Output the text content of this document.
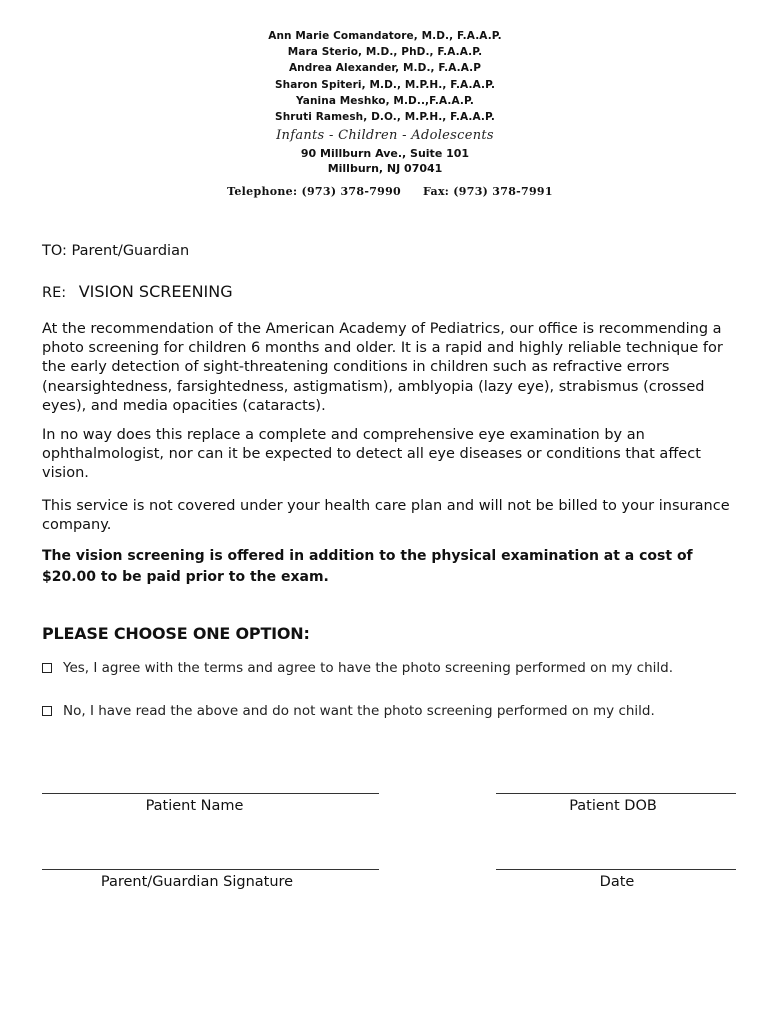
Ann Marie Comandatore, M.D., F.A.A.P.
Mara Sterio, M.D., PhD., F.A.A.P.
Andrea Alexander, M.D., F.A.A.P
Sharon Spiteri, M.D., M.P.H., F.A.A.P.
Yanina Meshko, M.D..,F.A.A.P.
Shruti Ramesh, D.O., M.P.H., F.A.A.P.
Infants - Children - Adolescents
90 Millburn Ave., Suite 101
Millburn, NJ 07041
Telephone: (973) 378-7990 Fax: (973) 378-7991
TO: Parent/Guardian
RE: VISION SCREENING
At the recommendation of the American Academy of Pediatrics, our office is recommending a photo screening for children 6 months and older. It is a rapid and highly reliable technique for the early detection of sight-threatening conditions in children such as refractive errors (nearsightedness, farsightedness, astigmatism), amblyopia (lazy eye), strabismus (crossed eyes), and media opacities (cataracts).
In no way does this replace a complete and comprehensive eye examination by an ophthalmologist, nor can it be expected to detect all eye diseases or conditions that affect vision.
This service is not covered under your health care plan and will not be billed to your insurance company.
The vision screening is offered in addition to the physical examination at a cost of $20.00 to be paid prior to the exam.
PLEASE CHOOSE ONE OPTION:
Yes, I agree with the terms and agree to have the photo screening performed on my child.
No, I have read the above and do not want the photo screening performed on my child.
Patient Name	Patient DOB
Parent/Guardian Signature	Date
